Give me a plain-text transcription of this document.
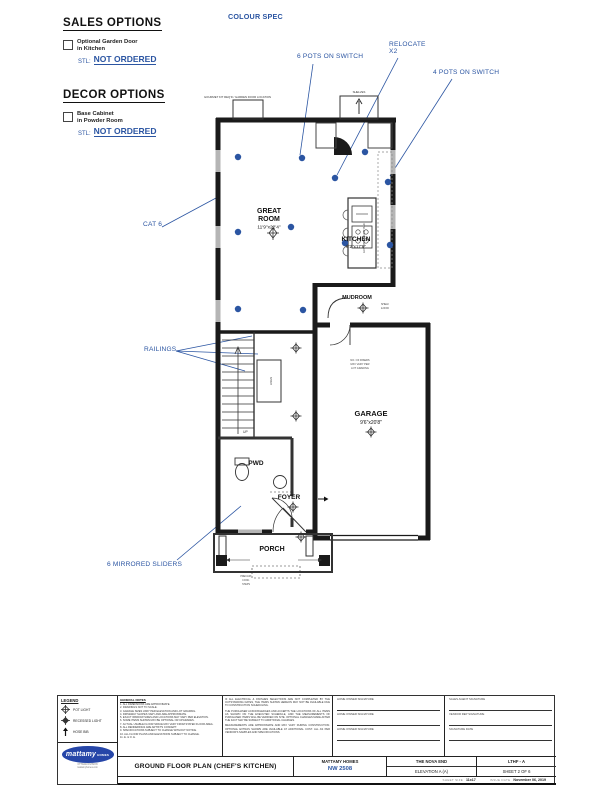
SALES OPTIONS
Optional Garden Door
in Kitchen
STL: NOT ORDERED
DECOR OPTIONS
Base Cabinet
in Powder Room
STL: NOT ORDERED
COLOUR SPEC
6 POTS ON SWITCH
RELOCATE
X2
4 POTS ON SWITCH
CAT 6
RAILINGS
6 MIRRORED SLIDERS
GOURMET KIT REQ'D / GARDEN DOOR LOCATION
SHELVES
EXT'D BREAKFAST BAR
UP
LINEN
SHELF
& ROD
NO. OF RISERS
MAY VARY PER
LOT GRADING
PRECAST
CONC.
STEPS
GREAT
ROOM
11'9"x22'4"
KITCHEN
8'2"x17'6"
MUDROOM
GARAGE
9'6"x20'8"
PWD
FOYER
PORCH
LEGEND
POT LIGHT
RECESSED LIGHT
HOSE BIB
mattamy HOMES
OTTAWA DIVISION
mattamyhomes.com
GENERAL NOTES
1. ALL DIMENSIONS ARE APPROXIMATE.
2. DRAWINGS NOT TO SCALE.
3. GARAGE SIZES VARY PER ELEVATION AND LOT GRADING.
4. DRIVEWAY SLOPES VARY AND ARE APPROXIMATE.
5. EXACT WINDOW SIZES AND LOCATIONS MAY VARY PER ELEVATION.
6. SOME ITEMS SHOWN MAY BE OPTIONAL OR UPGRADES.
7. ACTUAL USABLE FLOOR SPACE MAY VARY FROM STATED FLOOR AREA.
8. ALL RENDERINGS ARE ARTIST'S CONCEPT.
9. SPECIFICATIONS SUBJECT TO CHANGE WITHOUT NOTICE.
10. ALL FLOOR PLANS AND ELEVATIONS SUBJECT TO CHANGE.
11. E. & O. E.
IF ALL ELECTRICAL & FINISHES SELECTIONS ARE NOT COMPLETED BY THE OUTSTANDING DATES, THE ITEMS SHOWN HEREON MAY NOT BE AVAILABLE DUE TO CONSTRUCTION SCHEDULING.
THE PURCHASER ACKNOWLEDGES AND ACCEPTS THE LOCATIONS OF ALL ITEMS AS SHOWN ON THE EXECUTED SCHEDULE, AND THE MEASUREMENTS OF PURCHASED ITEMS WILL BE VERIFIED ON SITE. OPTIONAL CHANGES MADE AFTER THE FACT MAY BE SUBJECT TO ADDITIONAL CHARGES.
MEASUREMENTS ARE APPROXIMATE AND MAY VARY DURING CONSTRUCTION. OPTIONAL EXTRAS SHOWN ARE AVAILABLE AT ADDITIONAL COST. ALL AS PER VENDOR'S SAMPLES AND SPECIFICATIONS.
HOME OWNER SIGNATURE
HOME OWNER SIGNATURE
HOME OWNER SIGNATURE
SALES AGENT SIGNATURE
VENDOR REP SIGNATURE
SIGNATURE DATE
GROUND FLOOR PLAN (CHEF'S KITCHEN)
MATTAMY HOMES
NW 2508
THE NOVA END
ELEVATION A (A)
LTHF - A
SHEET 2 OF 6
SHEET SIZE 11x17	ISSUE DATE November 06, 2019
